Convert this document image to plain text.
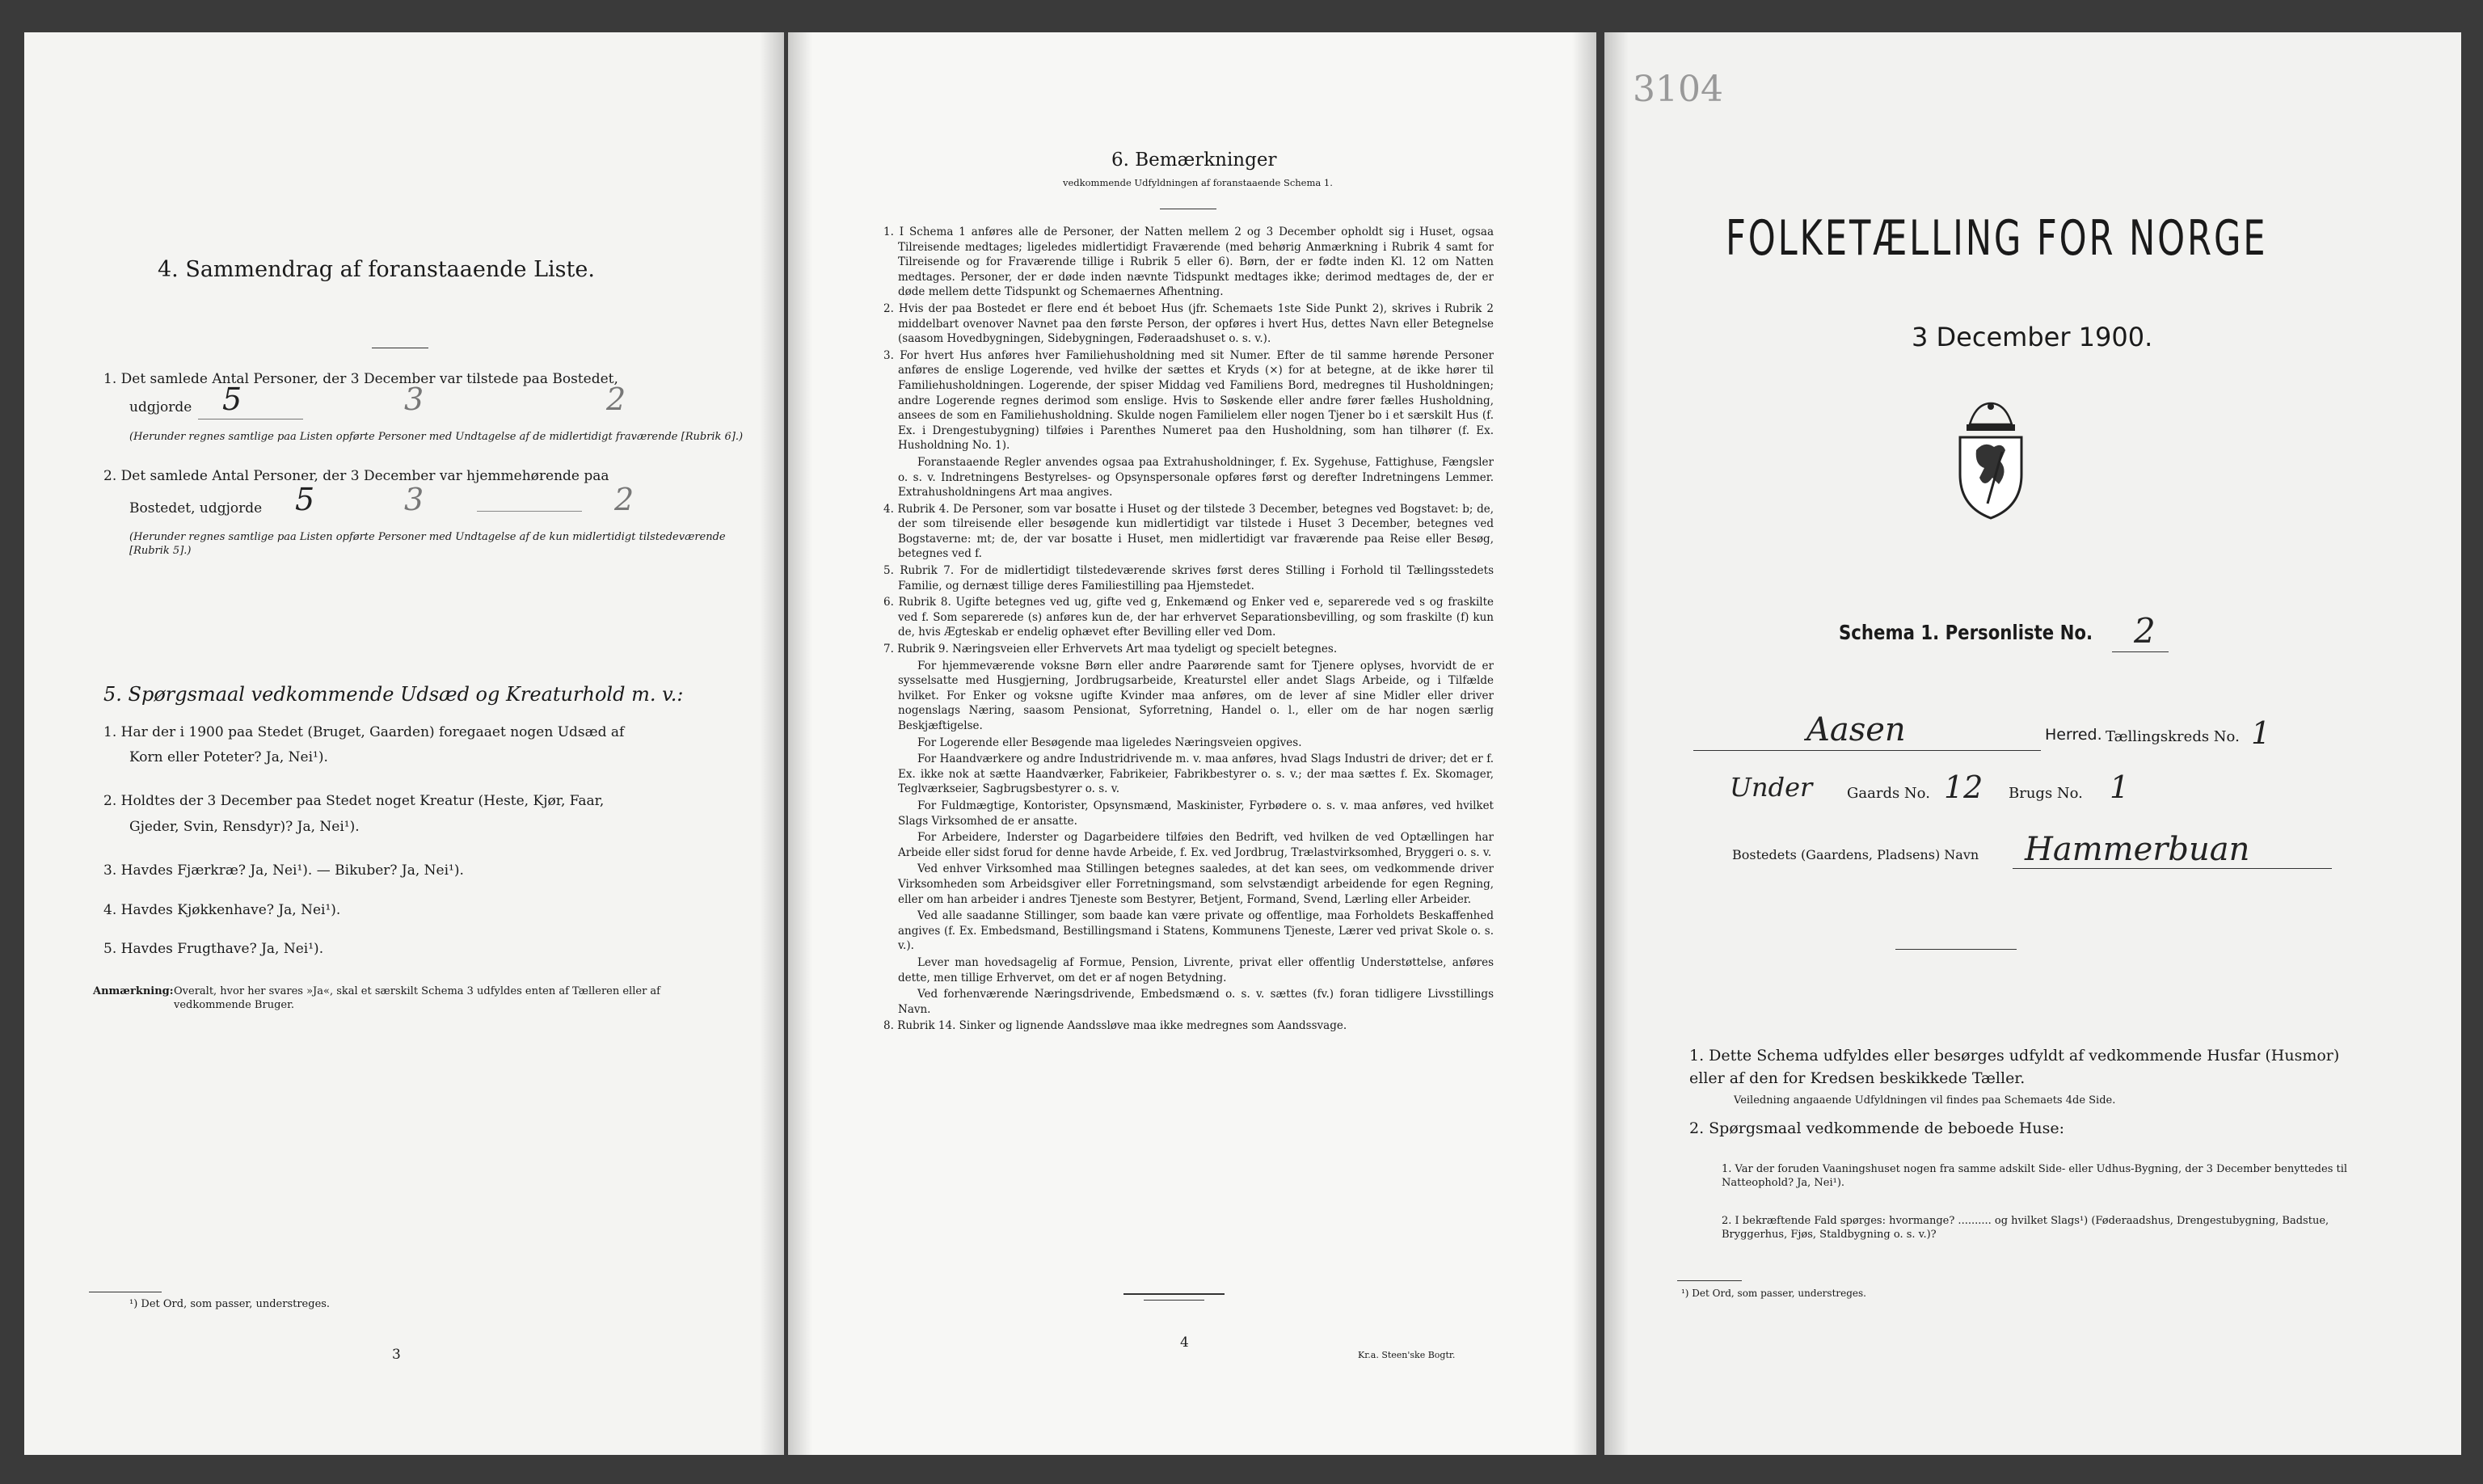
4. Sammendrag af foranstaaende Liste.
1. Det samlede Antal Personer, der 3 December var tilstede paa Bostedet,
udgjorde 5	3	2
(Herunder regnes samtlige paa Listen opførte Personer med Undtagelse af de midlertidigt fraværende [Rubrik 6].)
2. Det samlede Antal Personer, der 3 December var hjemmehørende paa
Bostedet, udgjorde 5	3	2
(Herunder regnes samtlige paa Listen opførte Personer med Undtagelse af de kun midlertidigt tilstedeværende [Rubrik 5].)
5. Spørgsmaal vedkommende Udsæd og Kreaturhold m. v.:
1. Har der i 1900 paa Stedet (Bruget, Gaarden) foregaaet nogen Udsæd af
Korn eller Poteter? Ja, Nei¹).
2. Holdtes der 3 December paa Stedet noget Kreatur (Heste, Kjør, Faar,
Gjeder, Svin, Rensdyr)? Ja, Nei¹).
3. Havdes Fjærkræ? Ja, Nei¹). — Bikuber? Ja, Nei¹).
4. Havdes Kjøkkenhave? Ja, Nei¹).
5. Havdes Frugthave? Ja, Nei¹).
Anmærkning: Overalt, hvor her svares »Ja«, skal et særskilt Schema 3 udfyldes enten af Tælleren eller af vedkommende Bruger.
¹) Det Ord, som passer, understreges.
3
6. Bemærkninger
vedkommende Udfyldningen af foranstaaende Schema 1.

1. I Schema 1 anføres alle de Personer, der Natten mellem 2 og 3 December opholdt sig i Huset, ogsaa Tilreisende medtages; ligeledes midlertidigt Fraværende (med behørig Anmærkning i Rubrik 4 samt for Tilreisende og for Fraværende tillige i Rubrik 5 eller 6). Børn, der er fødte inden Kl. 12 om Natten medtages. Personer, der er døde inden nævnte Tidspunkt medtages ikke; derimod medtages de, der er døde mellem dette Tidspunkt og Schemaernes Afhentning.

2. Hvis der paa Bostedet er flere end ét beboet Hus (jfr. Schemaets 1ste Side Punkt 2), skrives i Rubrik 2 middelbart ovenover Navnet paa den første Person, der opføres i hvert Hus, dettes Navn eller Betegnelse (saasom Hovedbygningen, Sidebygningen, Føderaadshuset o. s. v.).

3. For hvert Hus anføres hver Familiehusholdning med sit Numer. Efter de til samme hørende Personer anføres de enslige Logerende, ved hvilke der sættes et Kryds (×) for at betegne, at de ikke hører til Familiehusholdningen. Logerende, der spiser Middag ved Familiens Bord, medregnes til Husholdningen; andre Logerende regnes derimod som enslige. Hvis to Søskende eller andre fører fælles Husholdning, ansees de som en Familiehusholdning. Skulde nogen Familielem eller nogen Tjener bo i et særskilt Hus (f. Ex. i Drengestubygning) tilføies i Parenthes Numeret paa den Husholdning, som han tilhører (f. Ex. Husholdning No. 1).

Foranstaaende Regler anvendes ogsaa paa Extrahusholdninger, f. Ex. Sygehuse, Fattighuse, Fængsler o. s. v. Indretningens Bestyrelses- og Opsynspersonale opføres først og derefter Indretningens Lemmer. Extrahusholdningens Art maa angives.

4. Rubrik 4. De Personer, som var bosatte i Huset og der tilstede 3 December, betegnes ved Bogstavet: b; de, der som tilreisende eller besøgende kun midlertidigt var tilstede i Huset 3 December, betegnes ved Bogstaverne: mt; de, der var bosatte i Huset, men midlertidigt var fraværende paa Reise eller Besøg, betegnes ved f.

5. Rubrik 7. For de midlertidigt tilstedeværende skrives først deres Stilling i Forhold til Tællingsstedets Familie, og dernæst tillige deres Familiestilling paa Hjemstedet.

6. Rubrik 8. Ugifte betegnes ved ug, gifte ved g, Enkemænd og Enker ved e, separerede ved s og fraskilte ved f. Som separerede (s) anføres kun de, der har erhvervet Separationsbevilling, og som fraskilte (f) kun de, hvis Ægteskab er endelig ophævet efter Bevilling eller ved Dom.

7. Rubrik 9. Næringsveien eller Erhvervets Art maa tydeligt og specielt betegnes.

For hjemmeværende voksne Børn eller andre Paarørende samt for Tjenere oplyses, hvorvidt de er sysselsatte med Husgjerning, Jordbrugsarbeide, Kreaturstel eller andet Slags Arbeide, og i Tilfælde hvilket. For Enker og voksne ugifte Kvinder maa anføres, om de lever af sine Midler eller driver nogenslags Næring, saasom Pensionat, Syforretning, Handel o. l., eller om de har nogen særlig Beskjæftigelse.

For Logerende eller Besøgende maa ligeledes Næringsveien opgives.

For Haandværkere og andre Industridrivende m. v. maa anføres, hvad Slags Industri de driver; det er f. Ex. ikke nok at sætte Haandværker, Fabrikeier, Fabrikbestyrer o. s. v.; der maa sættes f. Ex. Skomager, Teglværkseier, Sagbrugsbestyrer o. s. v.

For Fuldmægtige, Kontorister, Opsynsmænd, Maskinister, Fyrbødere o. s. v. maa anføres, ved hvilket Slags Virksomhed de er ansatte.

For Arbeidere, Inderster og Dagarbeidere tilføies den Bedrift, ved hvilken de ved Optællingen har Arbeide eller sidst forud for denne havde Arbeide, f. Ex. ved Jordbrug, Trælastvirksomhed, Bryggeri o. s. v.

Ved enhver Virksomhed maa Stillingen betegnes saaledes, at det kan sees, om vedkommende driver Virksomheden som Arbeidsgiver eller Forretningsmand, som selvstændigt arbeidende for egen Regning, eller om han arbeider i andres Tjeneste som Bestyrer, Betjent, Formand, Svend, Lærling eller Arbeider.

Ved alle saadanne Stillinger, som baade kan være private og offentlige, maa Forholdets Beskaffenhed angives (f. Ex. Embedsmand, Bestillingsmand i Statens, Kommunens Tjeneste, Lærer ved privat Skole o. s. v.).

Lever man hovedsagelig af Formue, Pension, Livrente, privat eller offentlig Understøttelse, anføres dette, men tillige Erhvervet, om det er af nogen Betydning.

Ved forhenværende Næringsdrivende, Embedsmænd o. s. v. sættes (fv.) foran tidligere Livsstillings Navn.

8. Rubrik 14. Sinker og lignende Aandssløve maa ikke medregnes som Aandssvage.

4
Kr.a. Steen'ske Bogtr.
3104
FOLKETÆLLING FOR NORGE
3 December 1900.
Schema 1. Personliste No. 2
Aasen	Herred. Tællingskreds No. 1
Under Gaards No. 12 Brugs No. 1
Bostedets (Gaardens, Pladsens) Navn Hammerbuan
1. Dette Schema udfyldes eller besørges udfyldt af vedkommende Husfar (Husmor) eller af den for Kredsen beskikkede Tæller.
Veiledning angaaende Udfyldningen vil findes paa Schemaets 4de Side.
2. Spørgsmaal vedkommende de beboede Huse:
1. Var der foruden Vaaningshuset nogen fra samme adskilt Side- eller Udhus-Bygning, der 3 December benyttedes til Natteophold? Ja, Nei¹).
2. I bekræftende Fald spørges: hvormange? .......... og hvilket Slags¹) (Føderaadshus, Drengestubygning, Badstue, Bryggerhus, Fjøs, Staldbygning o. s. v.)?
¹) Det Ord, som passer, understreges.
